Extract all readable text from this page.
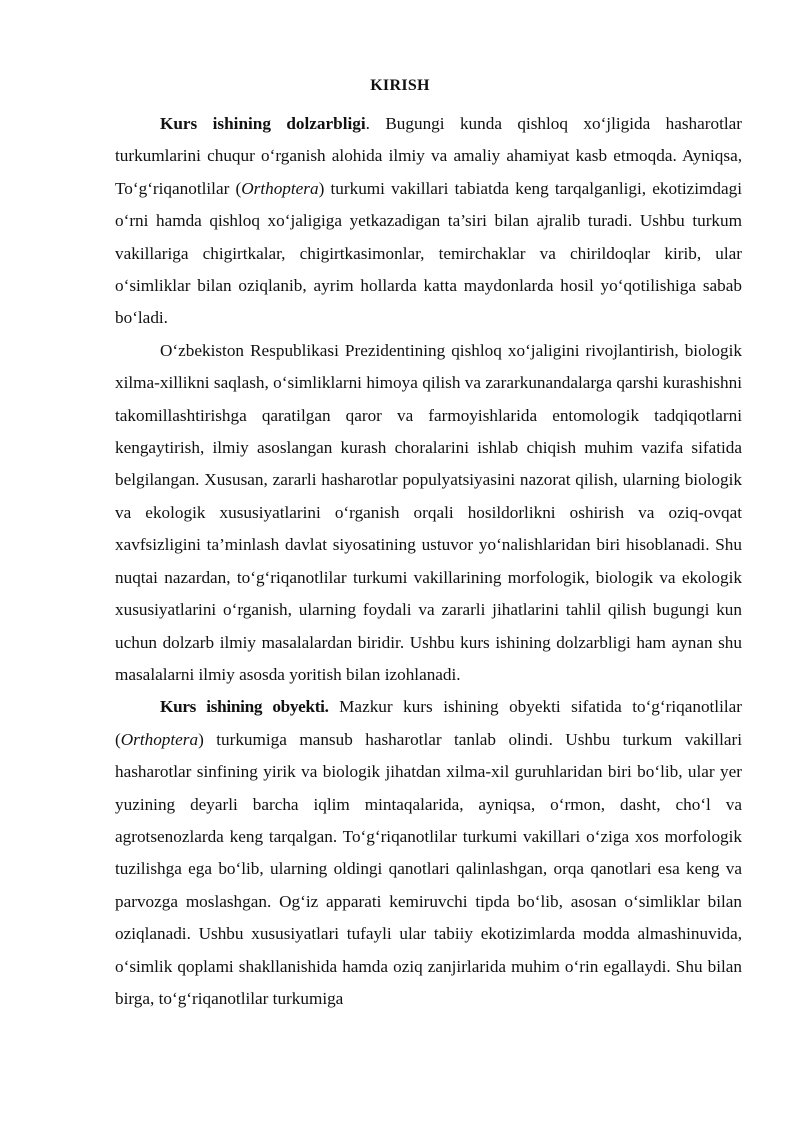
KIRISH

Kurs ishining dolzarbligi. Bugungi kunda qishloq xo‘jligida hasharotlar turkumlarini chuqur o‘rganish alohida ilmiy va amaliy ahamiyat kasb etmoqda. Ayniqsa, To‘g‘riqanotlilar (Orthoptera) turkumi vakillari tabiatda keng tarqalganligi, ekotizimdagi o‘rni hamda qishloq xo‘jaligiga yetkazadigan ta’siri bilan ajralib turadi. Ushbu turkum vakillariga chigirtkalar, chigirtkasimonlar, temirchaklar va chirildoqlar kirib, ular o‘simliklar bilan oziqlanib, ayrim hollarda katta maydonlarda hosil yo‘qotilishiga sabab bo‘ladi.

O‘zbekiston Respublikasi Prezidentining qishloq xo‘jaligini rivojlantirish, biologik xilma-xillikni saqlash, o‘simliklarni himoya qilish va zararkunandalarga qarshi kurashishni takomillashtirishga qaratilgan qaror va farmoyishlarida entomologik tadqiqotlarni kengaytirish, ilmiy asoslangan kurash choralarini ishlab chiqish muhim vazifa sifatida belgilangan. Xususan, zararli hasharotlar populyatsiyasini nazorat qilish, ularning biologik va ekologik xususiyatlarini o‘rganish orqali hosildorlikni oshirish va oziq-ovqat xavfsizligini ta’minlash davlat siyosatining ustuvor yo‘nalishlaridan biri hisoblanadi. Shu nuqtai nazardan, to‘g‘riqanotlilar turkumi vakillarining morfologik, biologik va ekologik xususiyatlarini o‘rganish, ularning foydali va zararli jihatlarini tahlil qilish bugungi kun uchun dolzarb ilmiy masalalardan biridir. Ushbu kurs ishining dolzarbligi ham aynan shu masalalarni ilmiy asosda yoritish bilan izohlanadi.

Kurs ishining obyekti. Mazkur kurs ishining obyekti sifatida to‘g‘riqanotlilar (Orthoptera) turkumiga mansub hasharotlar tanlab olindi. Ushbu turkum vakillari hasharotlar sinfining yirik va biologik jihatdan xilma-xil guruhlaridan biri bo‘lib, ular yer yuzining deyarli barcha iqlim mintaqalarida, ayniqsa, o‘rmon, dasht, cho‘l va agrotsenozlarda keng tarqalgan. To‘g‘riqanotlilar turkumi vakillari o‘ziga xos morfologik tuzilishga ega bo‘lib, ularning oldingi qanotlari qalinlashgan, orqa qanotlari esa keng va parvozga moslashgan. Og‘iz apparati kemiruvchi tipda bo‘lib, asosan o‘simliklar bilan oziqlanadi. Ushbu xususiyatlari tufayli ular tabiiy ekotizimlarda modda almashinuvida, o‘simlik qoplami shakllanishida hamda oziq zanjirlarida muhim o‘rin egallaydi. Shu bilan birga, to‘g‘riqanotlilar turkumiga
